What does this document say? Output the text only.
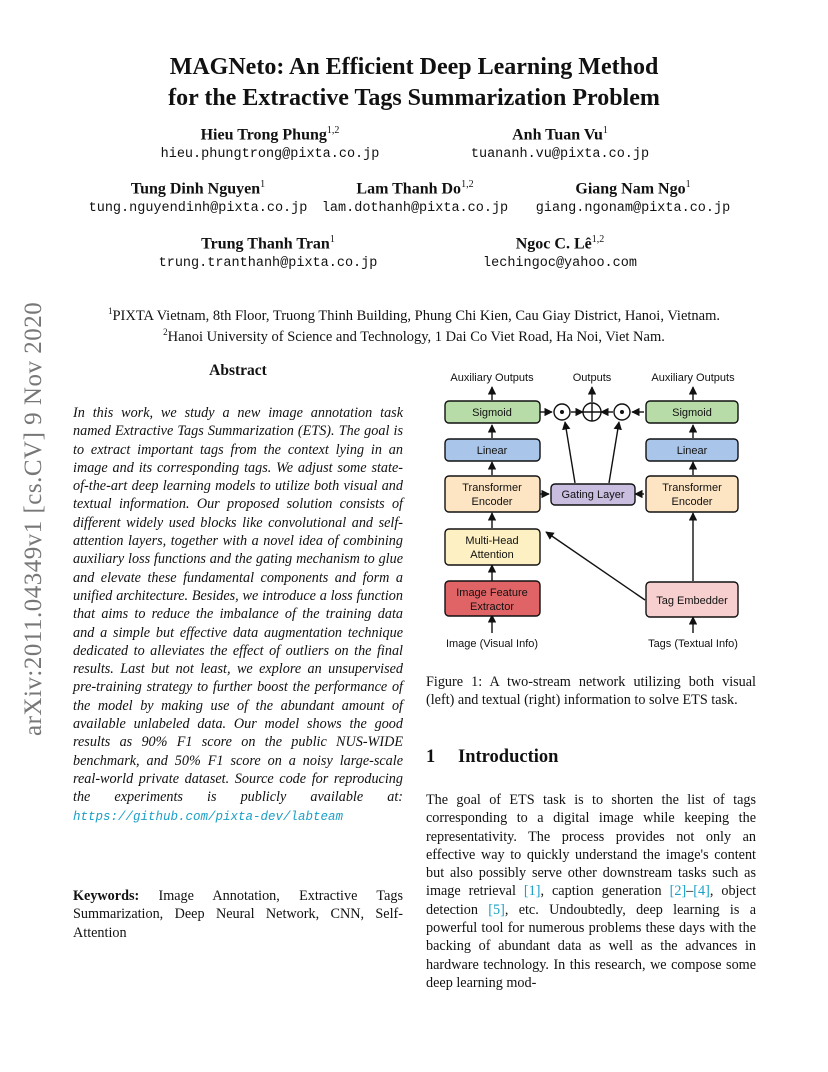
arXiv:2011.04349v1 [cs.CV] 9 Nov 2020
MAGNeto: An Efficient Deep Learning Method
for the Extractive Tags Summarization Problem
Hieu Trong Phung$^{1,2}$
hieu.phungtrong@pixta.co.jp
Anh Tuan Vu$^1$
tuananh.vu@pixta.co.jp
Tung Dinh Nguyen$^1$
tung.nguyendinh@pixta.co.jp
Lam Thanh Do$^{1,2}$
lam.dothanh@pixta.co.jp
Giang Nam Ngo$^1$
giang.ngonam@pixta.co.jp
Trung Thanh Tran$^1$
trung.tranthanh@pixta.co.jp
Ngoc C. Lê$^{1,2}$
lechingoc@yahoo.com
$^1$PIXTA Vietnam, 8th Floor, Truong Thinh Building, Phung Chi Kien, Cau Giay District, Hanoi, Vietnam.
$^2$Hanoi University of Science and Technology, 1 Dai Co Viet Road, Ha Noi, Viet Nam.
Abstract
In this work, we study a new image annotation task named Extractive Tags Summarization (ETS). The goal is to extract important tags from the context lying in an image and its corresponding tags. We adjust some state-of-the-art deep learning models to utilize both visual and textual information. Our proposed solution consists of different widely used blocks like convolutional and self-attention layers, together with a novel idea of combining auxiliary loss functions and the gating mechanism to glue and elevate these fundamental components and form a unified architecture. Besides, we introduce a loss function that aims to reduce the imbalance of the training data and a simple but effective data augmentation technique dedicated to alleviates the effect of outliers on the final results. Last but not least, we explore an unsupervised pre-training strategy to further boost the performance of the model by making use of the abundant amount of available unlabeled data. Our model shows the good results as 90% F1 score on the public NUS-WIDE benchmark, and 50% F1 score on a noisy large-scale real-world private dataset. Source code for reproducing the experiments is publicly available at: https://github.com/pixta-dev/labteam
Keywords: Image Annotation, Extractive Tags Summarization, Deep Neural Network, CNN, Self-Attention
Auxiliary Outputs	Outputs	Auxiliary Outputs
Sigmoid	Sigmoid
Linear	Linear
Transformer
Encoder
Transformer
Encoder
Gating Layer
Multi-Head
Attention
Image Feature
Extractor	Tag Embedder
Image (Visual Info)	Tags (Textual Info)
Figure 1: A two-stream network utilizing both visual (left) and textual (right) information to solve ETS task.
1 Introduction
The goal of ETS task is to shorten the list of tags corresponding to a digital image while keeping the representativity. The process provides not only an effective way to quickly understand the image's content but also possibly serve other downstream tasks such as image retrieval [1], caption generation [2]–[4], object detection [5], etc. Undoubtedly, deep learning is a powerful tool for numerous problems these days with the backing of abundant data as well as the advances in hardware technology. In this research, we compose some deep learning mod-
